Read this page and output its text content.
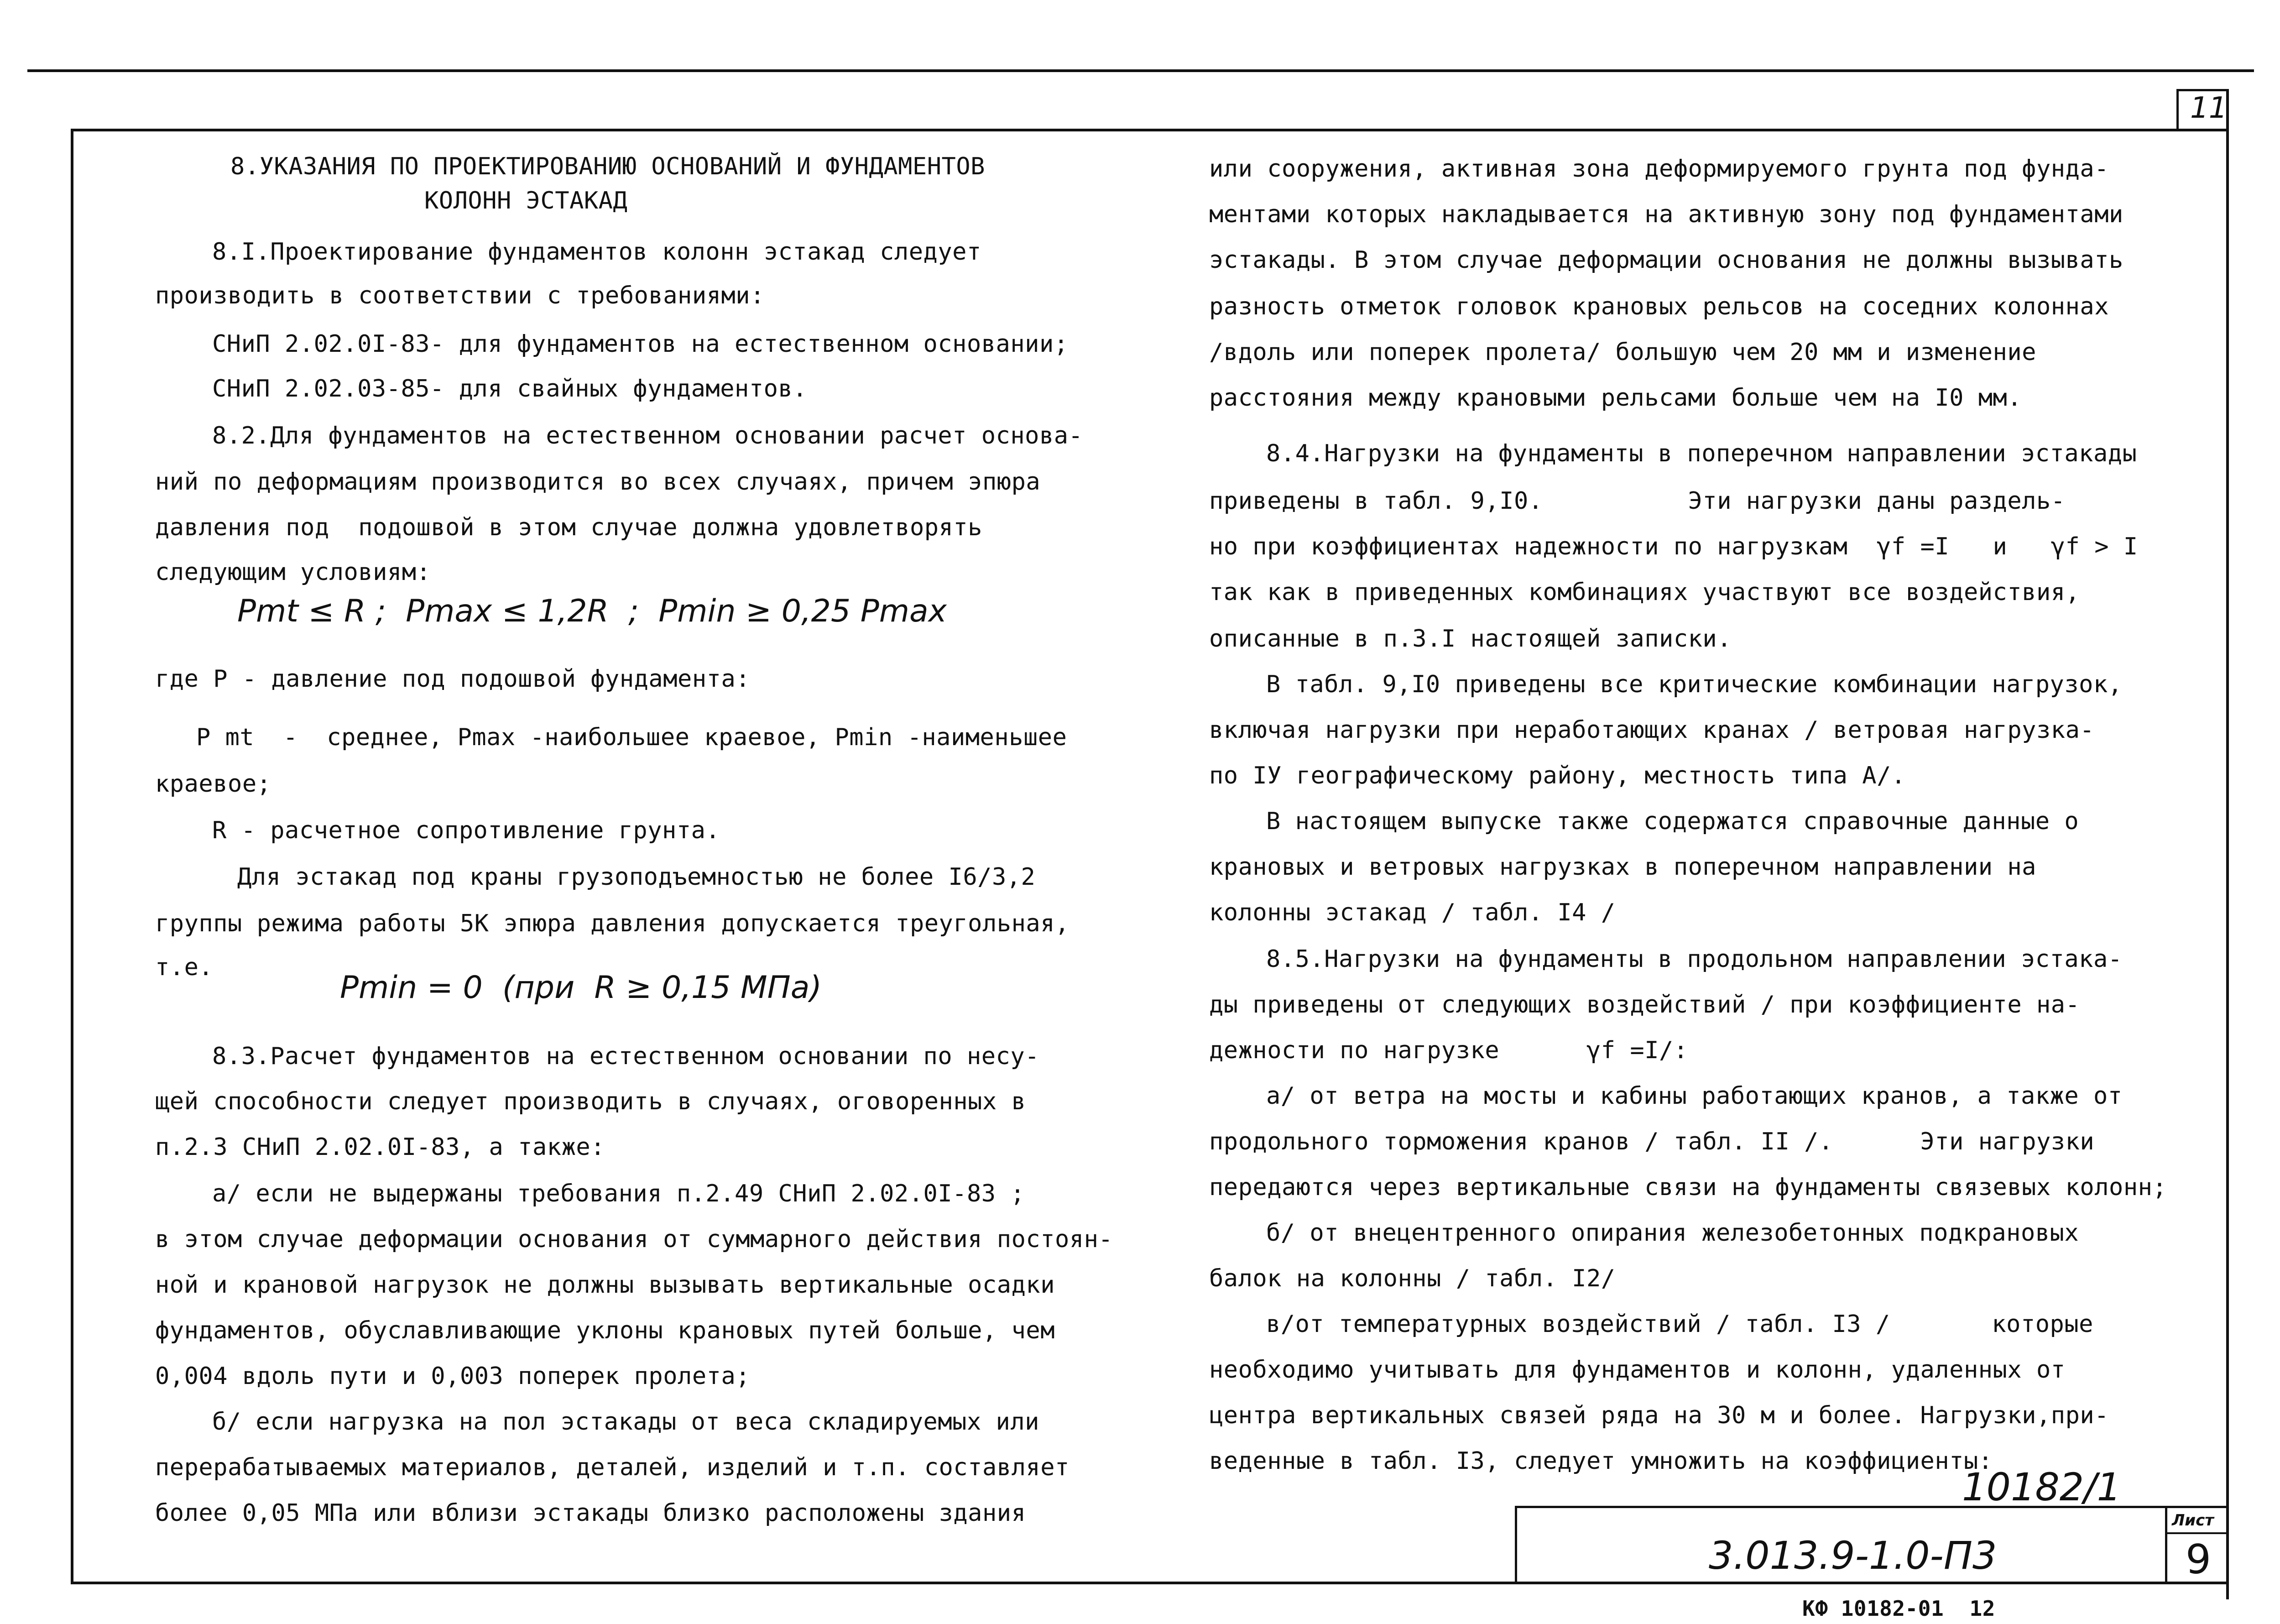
11
Лист
9
3.013.9-1.0-П3
10182/1
КФ 10182-01  12
8.УКАЗАНИЯ ПО ПРОЕКТИРОВАНИЮ ОСНОВАНИЙ И ФУНДАМЕНТОВ
КОЛОНН ЭСТАКАД
8.I.Проектирование фундаментов колонн эстакад следует
производить в соответствии с требованиями:
СНиП 2.02.0I-83- для фундаментов на естественном основании;
СНиП 2.02.03-85- для свайных фундаментов.
8.2.Для фундаментов на естественном основании расчет основа-
ний по деформациям производится во всех случаях, причем эпюра
давления под  подошвой в этом случае должна удовлетворять
следующим условиям:
Pmt ≤ R ;  Pmax ≤ 1,2R  ;  Pmin ≥ 0,25 Pmax
где Р - давление под подошвой фундамента:
Р mt  -  среднее, Рmax -наибольшее краевое, Рmin -наименьшее
краевое;
R - расчетное сопротивление грунта.
Для эстакад под краны грузоподъемностью не более I6/3,2
группы режима работы 5К эпюра давления допускается треугольная,
т.е.
Pmin = 0  (при  R ≥ 0,15 МПа)
8.3.Расчет фундаментов на естественном основании по несу-
щей способности следует производить в случаях, оговоренных в
п.2.3 СНиП 2.02.0I-83, а также:
а/ если не выдержаны требования п.2.49 СНиП 2.02.0I-83 ;
в этом случае деформации основания от суммарного действия постоян-
ной и крановой нагрузок не должны вызывать вертикальные осадки
фундаментов, обуславливающие уклоны крановых путей больше, чем
0,004 вдоль пути и 0,003 поперек пролета;
б/ если нагрузка на пол эстакады от веса складируемых или
перерабатываемых материалов, деталей, изделий и т.п. составляет
более 0,05 МПа или вблизи эстакады близко расположены здания
или сооружения, активная зона деформируемого грунта под фунда-
ментами которых накладывается на активную зону под фундаментами
эстакады. В этом случае деформации основания не должны вызывать
разность отметок головок крановых рельсов на соседних колоннах
/вдоль или поперек пролета/ большую чем 20 мм и изменение
расстояния между крановыми рельсами больше чем на I0 мм.
8.4.Нагрузки на фундаменты в поперечном направлении эстакады
приведены в табл. 9,I0.          Эти нагрузки даны раздель-
но при коэффициентах надежности по нагрузкам  γf =I   и   γf > I
так как в приведенных комбинациях участвуют все воздействия,
описанные в п.3.I настоящей записки.
В табл. 9,I0 приведены все критические комбинации нагрузок,
включая нагрузки при неработающих кранах / ветровая нагрузка-
по IУ географическому району, местность типа А/.
В настоящем выпуске также содержатся справочные данные о
крановых и ветровых нагрузках в поперечном направлении на
колонны эстакад / табл. I4 /
8.5.Нагрузки на фундаменты в продольном направлении эстака-
ды приведены от следующих воздействий / при коэффициенте на-
дежности по нагрузке      γf =I/:
а/ от ветра на мосты и кабины работающих кранов, а также от
продольного торможения кранов / табл. II /.      Эти нагрузки
передаются через вертикальные связи на фундаменты связевых колонн;
б/ от внецентренного опирания железобетонных подкрановых
балок на колонны / табл. I2/
в/от температурных воздействий / табл. I3 /       которые
необходимо учитывать для фундаментов и колонн, удаленных от
центра вертикальных связей ряда на 30 м и более. Нагрузки,при-
веденные в табл. I3, следует умножить на коэффициенты:
